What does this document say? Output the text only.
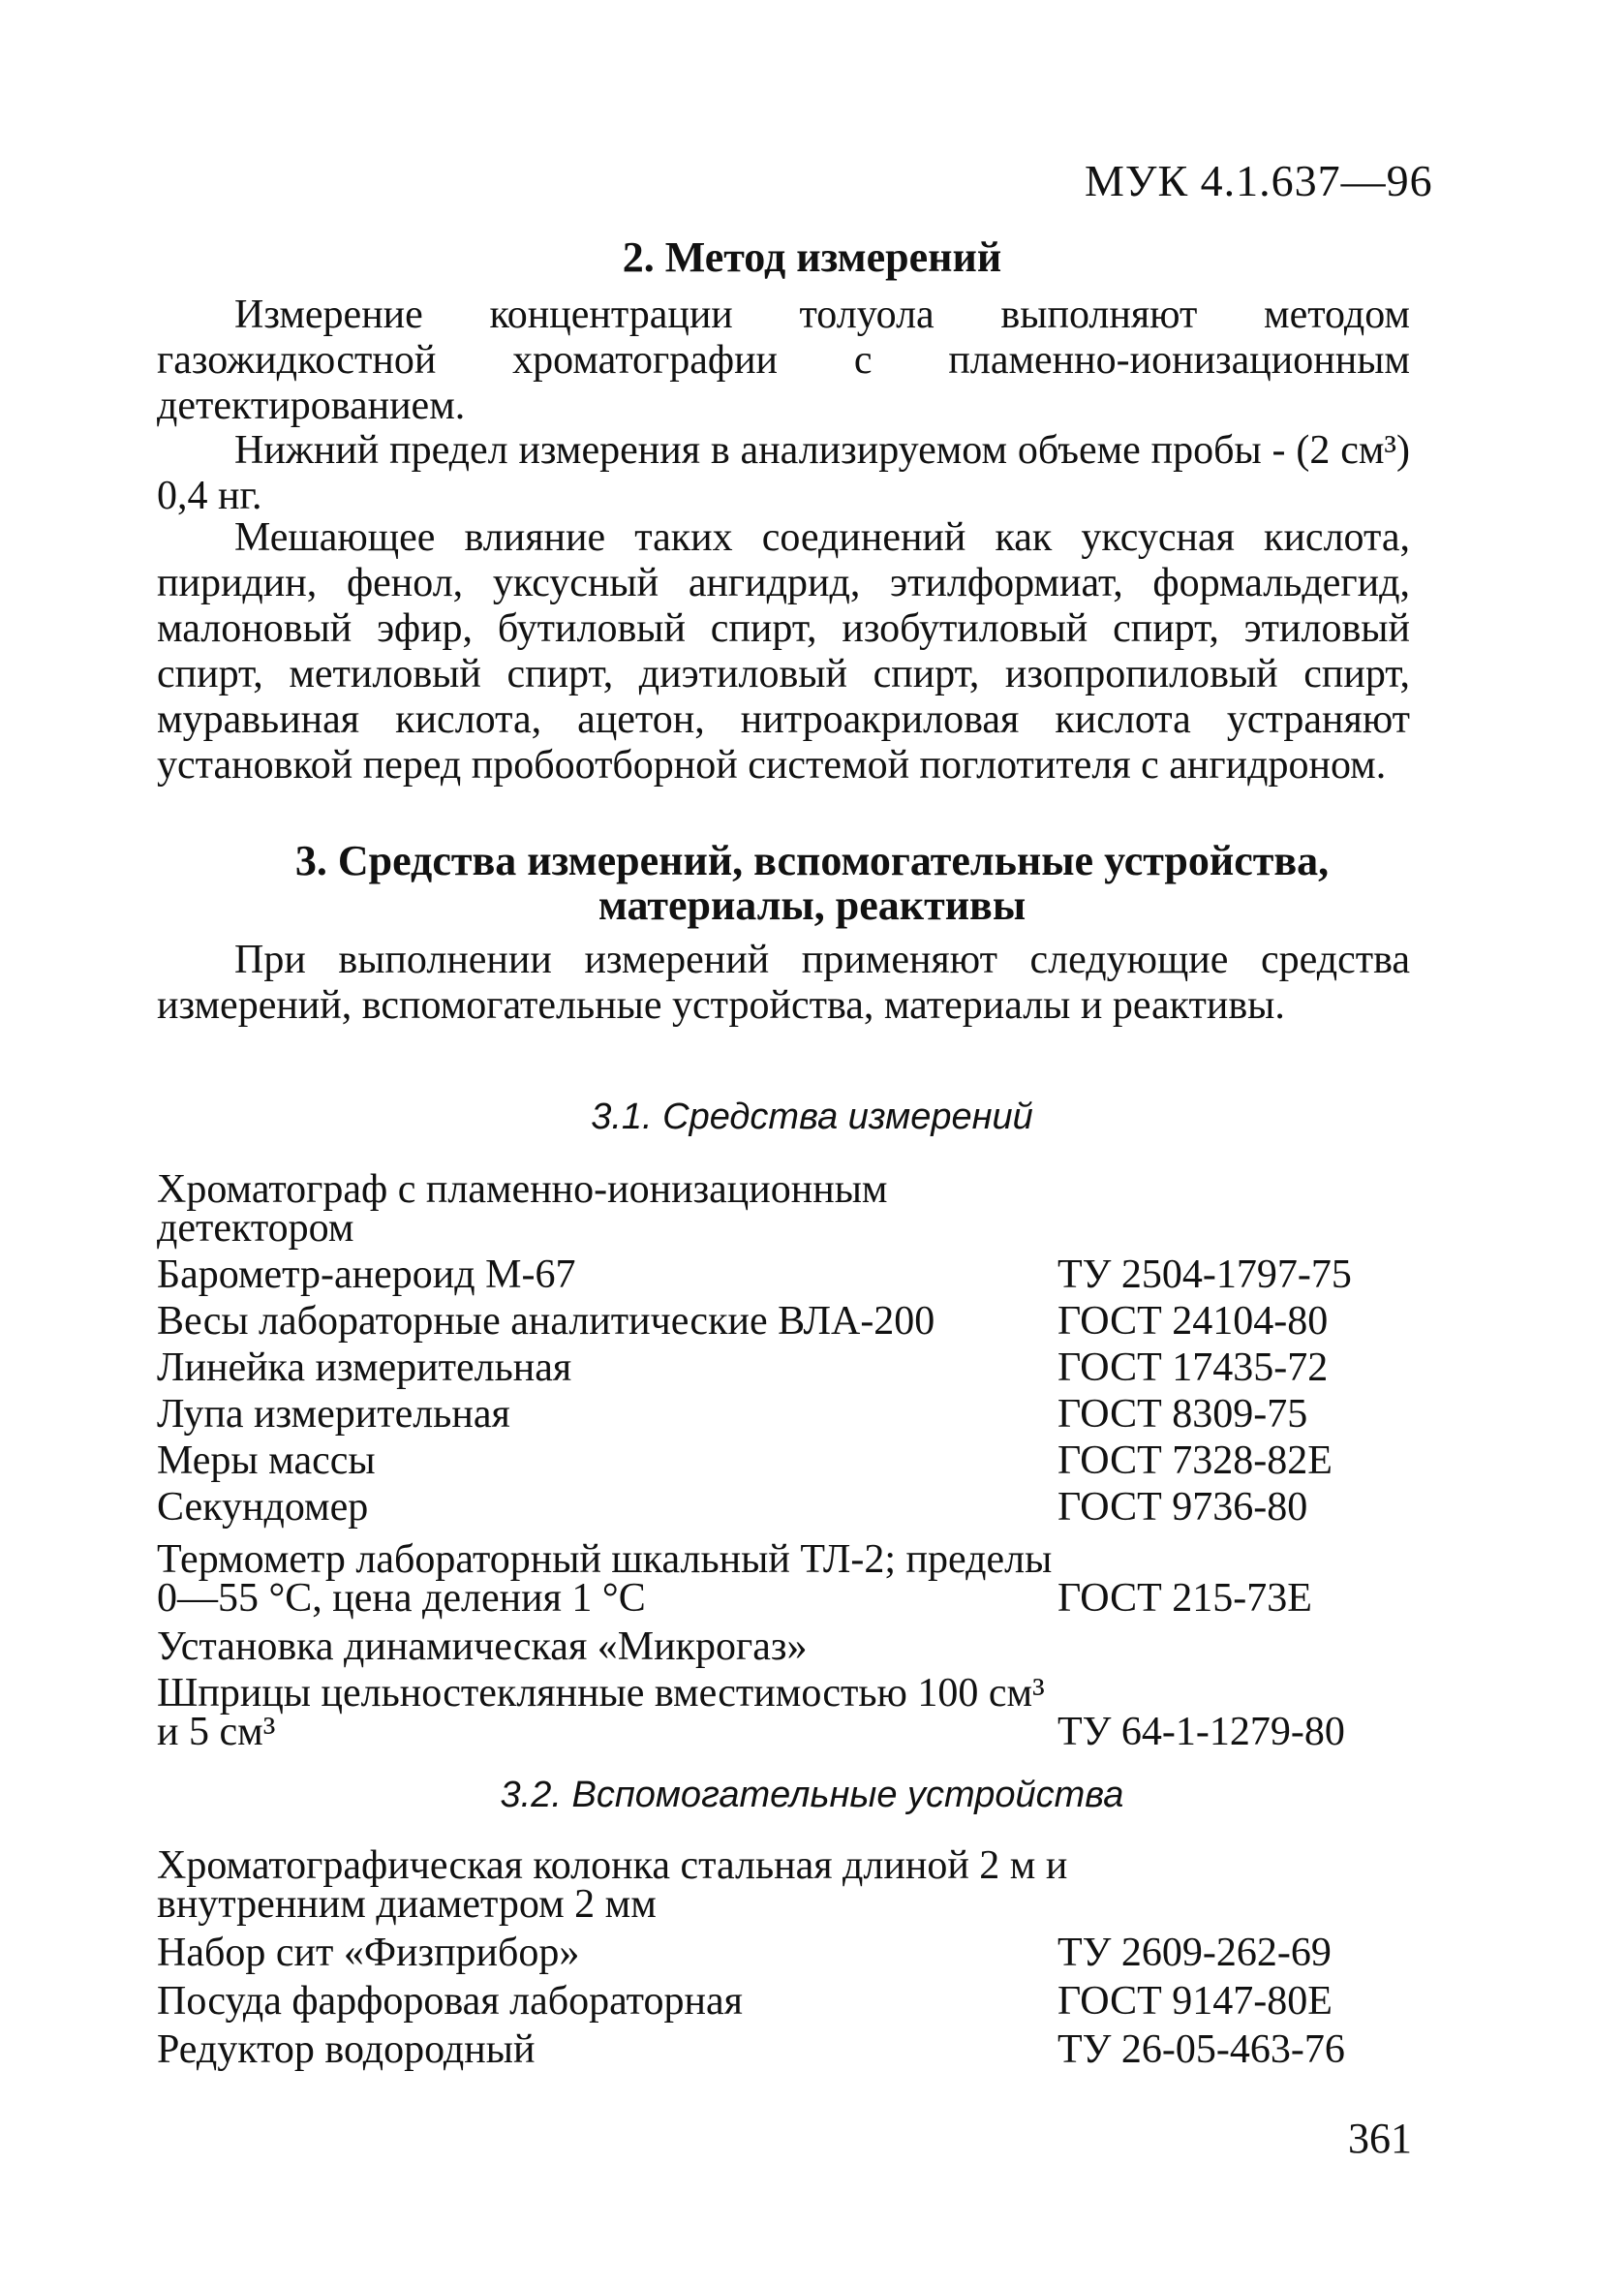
МУК 4.1.637—96
2. Метод измерений

Измерение концентрации толуола выполняют методом газожидкостной хроматографии с пламенно-ионизационным детектированием.

Нижний предел измерения в анализируемом объеме пробы - (2 см³) 0,4 нг.

Мешающее влияние таких соединений как уксусная кислота, пиридин, фенол, уксусный ангидрид, этилформиат, формальдегид, малоновый эфир, бутиловый спирт, изобутиловый спирт, этиловый спирт, метиловый спирт, диэтиловый спирт, изопропиловый спирт, муравьиная кислота, ацетон, нитроакриловая кислота устраняют установкой перед пробоотборной системой поглотителя с ангидроном.

3. Средства измерений, вспомогательные устройства,
материалы, реактивы

При выполнении измерений применяют следующие средства измерений, вспомогательные устройства, материалы и реактивы.

3.1. Средства измерений
Хроматограф с пламенно-ионизационным детектором
Барометр-анероид М-67	ТУ 2504-1797-75
Весы лабораторные аналитические ВЛА-200	ГОСТ 24104-80
Линейка измерительная	ГОСТ 17435-72
Лупа измерительная	ГОСТ 8309-75
Меры массы	ГОСТ 7328-82Е
Секундомер	ГОСТ 9736-80
Термометр лабораторный шкальный ТЛ-2; пределы 0—55 °С, цена деления 1 °С	ГОСТ 215-73Е
Установка динамическая «Микрогаз»
Шприцы цельностеклянные вместимостью 100 см³ и 5 см³	ТУ 64-1-1279-80
3.2. Вспомогательные устройства
Хроматографическая колонка стальная длиной 2 м и внутренним диаметром 2 мм
Набор сит «Физприбор»	ТУ 2609-262-69
Посуда фарфоровая лабораторная	ГОСТ 9147-80Е
Редуктор водородный	ТУ 26-05-463-76
361
